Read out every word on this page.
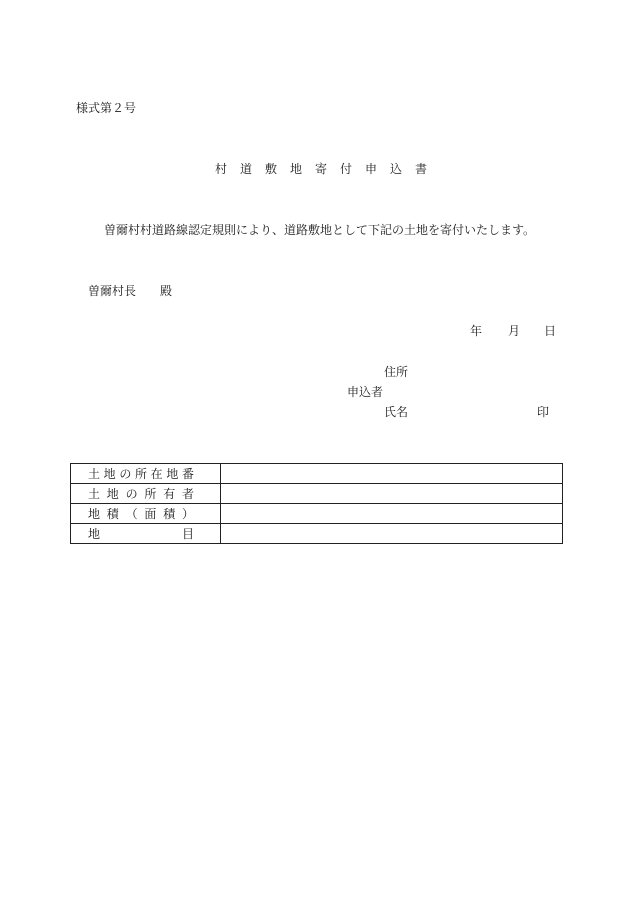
様式第２号
村道敷地寄付申込書
曽爾村村道路線認定規則により、道路敷地として下記の土地を寄付いたします。
曽爾村長 殿
年 月 日
住所
申込者
氏名	印
土地の所在地番	
土地の所有者	
地積（面積）	
地目	
